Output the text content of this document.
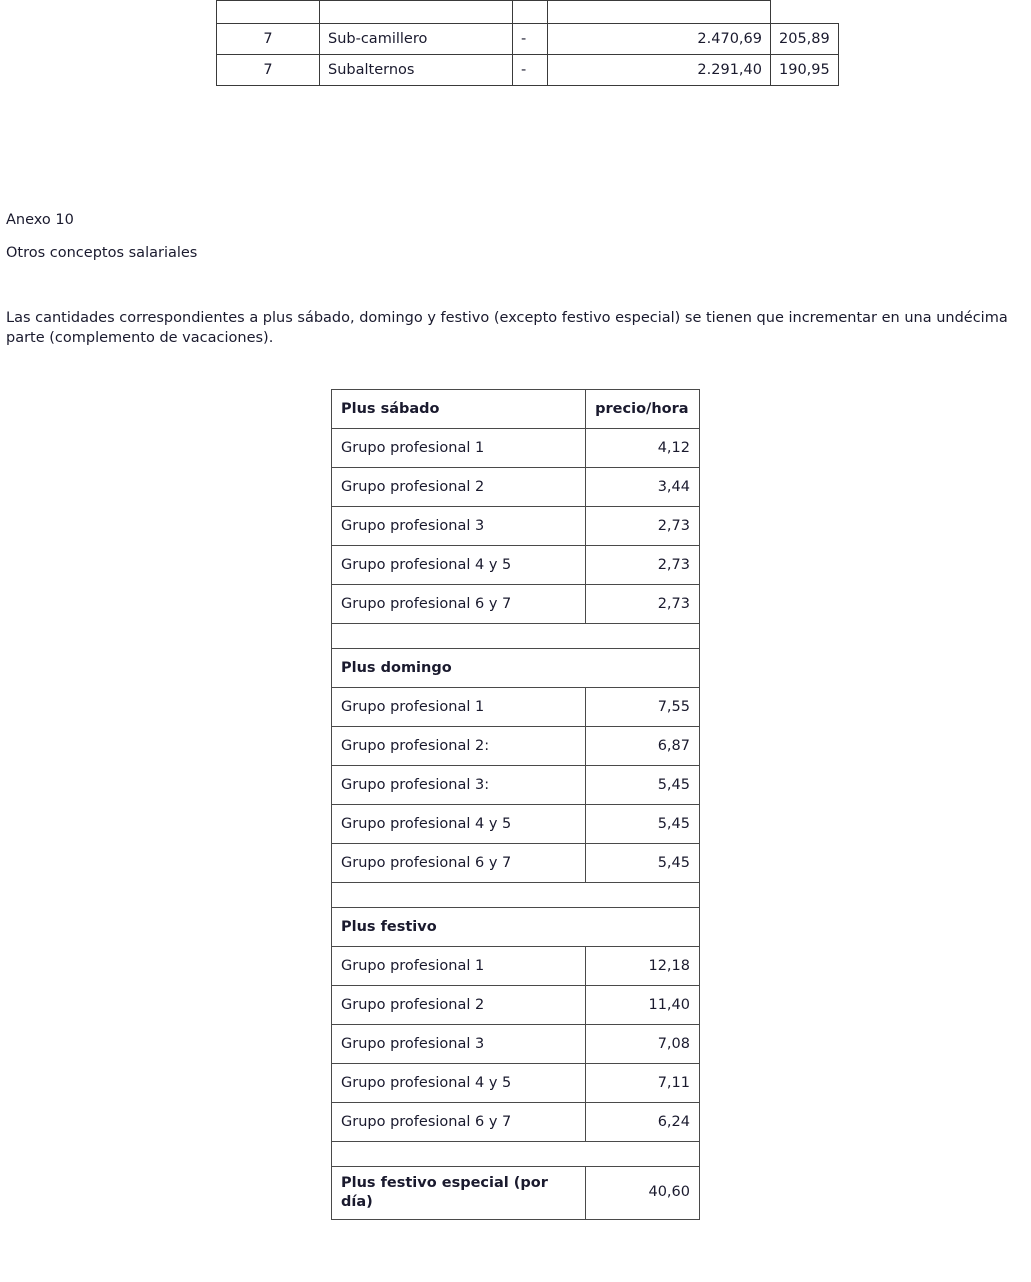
7	Sub-camillero	-	2.470,69	205,89
7	Subalternos	-	2.291,40	190,95
Anexo 10
Otros conceptos salariales
Las cantidades correspondientes a plus sábado, domingo y festivo (excepto festivo especial) se tienen que incrementar en una undécima parte (complemento de vacaciones).
Plus sábado	precio/hora
Grupo profesional 1	4,12
Grupo profesional 2	3,44
Grupo profesional 3	2,73
Grupo profesional 4 y 5	2,73
Grupo profesional 6 y 7	2,73

Plus domingo	
Grupo profesional 1	7,55
Grupo profesional 2:	6,87
Grupo profesional 3:	5,45
Grupo profesional 4 y 5	5,45
Grupo profesional 6 y 7	5,45

Plus festivo	
Grupo profesional 1	12,18
Grupo profesional 2	11,40
Grupo profesional 3	7,08
Grupo profesional 4 y 5	7,11
Grupo profesional 6 y 7	6,24

Plus festivo especial (por día)	40,60
